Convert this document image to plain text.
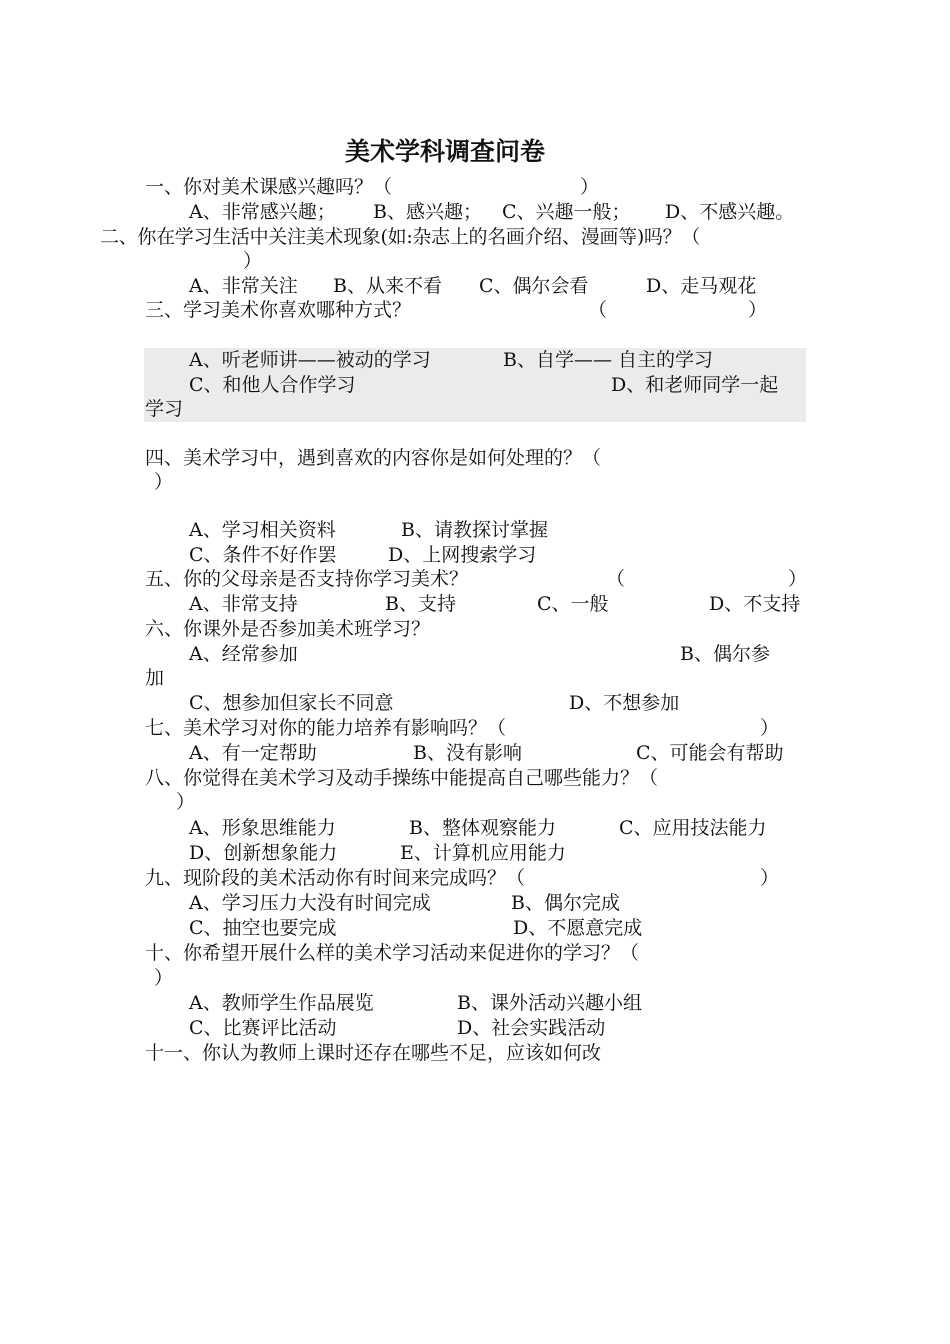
美术学科调查问卷
一、你对美术课感兴趣吗？（	）
A、非常感兴趣； B、感兴趣； C、兴趣一般； D、不感兴趣。
二、你在学习生活中关注美术现象(如:杂志上的名画介绍、漫画等)吗？（
）
A、非常关注 B、从来不看 C、偶尔会看	D、走马观花
三、学习美术你喜欢哪种方式？	（	）
A、听老师讲——被动的学习	B、自学—— 自主的学习
C、和他人合作学习	D、和老师同学一起
学习
四、美术学习中，遇到喜欢的内容你是如何处理的？（
）
A、学习相关资料	B、请教探讨掌握
C、条件不好作罢	D、上网搜索学习
五、你的父母亲是否支持你学习美术？	（	）
A、非常支持	B、支持	C、一般	D、不支持
六、你课外是否参加美术班学习？
A、经常参加	B、偶尔参
加
C、想参加但家长不同意	D、不想参加
七、美术学习对你的能力培养有影响吗？（	）
A、有一定帮助	B、没有影响	C、可能会有帮助
八、你觉得在美术学习及动手操练中能提高自己哪些能力？（
）
A、形象思维能力	B、整体观察能力	C、应用技法能力
D、创新想象能力	E、计算机应用能力
九、现阶段的美术活动你有时间来完成吗？（	）
A、学习压力大没有时间完成	B、偶尔完成
C、抽空也要完成	D、不愿意完成
十、你希望开展什么样的美术学习活动来促进你的学习？（
）
A、教师学生作品展览	B、课外活动兴趣小组
C、比赛评比活动	D、社会实践活动
十一、你认为教师上课时还存在哪些不足，应该如何改
